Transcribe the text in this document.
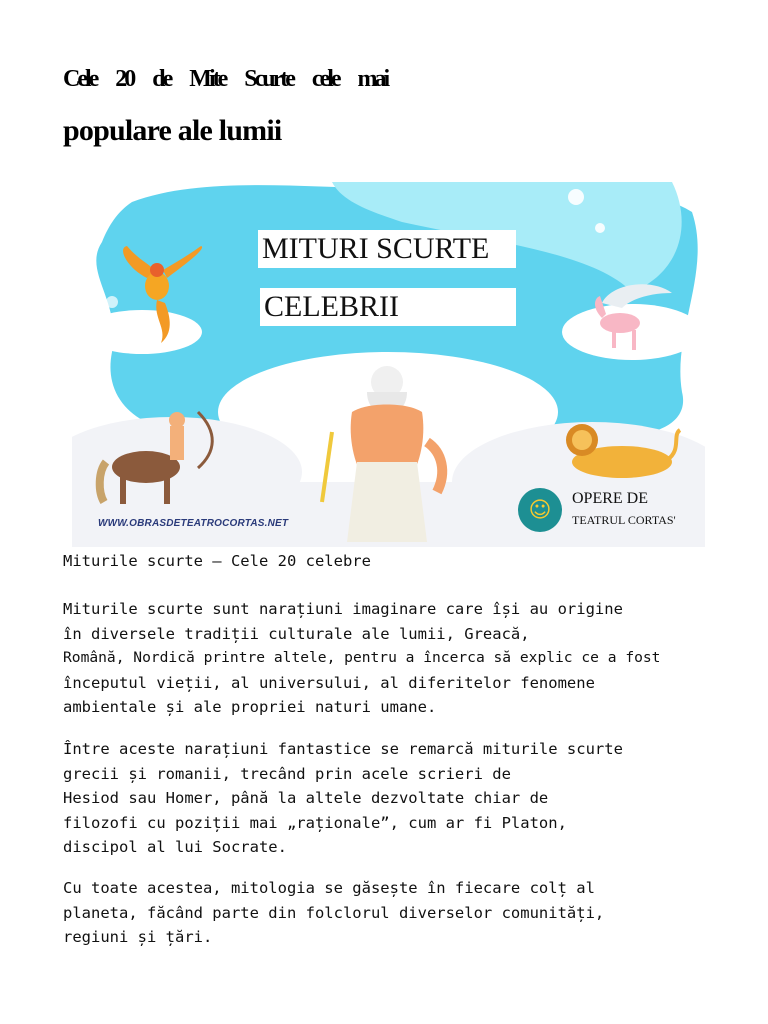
Cele 20 de Mite Scurte cele mai
populare ale lumii
MITURI SCURTE
CELEBRII
WWW.OBRASDETEATROCORTAS.NET
☺	OPERE DE
TEATRUL CORTAS'
Miturile scurte – Cele 20 celebre
Miturile scurte sunt narațiuni imaginare care își au origine
în diversele tradiții culturale ale lumii, Greacă,
Română, Nordică printre altele, pentru a încerca să explic ce a fost
începutul vieții, al universului, al diferitelor fenomene
ambientale și ale propriei naturi umane.
Între aceste narațiuni fantastice se remarcă miturile scurte
grecii și romanii, trecând prin acele scrieri de
Hesiod sau Homer, până la altele dezvoltate chiar de
filozofi cu poziții mai „raționale”, cum ar fi Platon,
discipol al lui Socrate.
Cu toate acestea, mitologia se găsește în fiecare colț al
planeta, făcând parte din folclorul diverselor comunități,
regiuni și țări.
